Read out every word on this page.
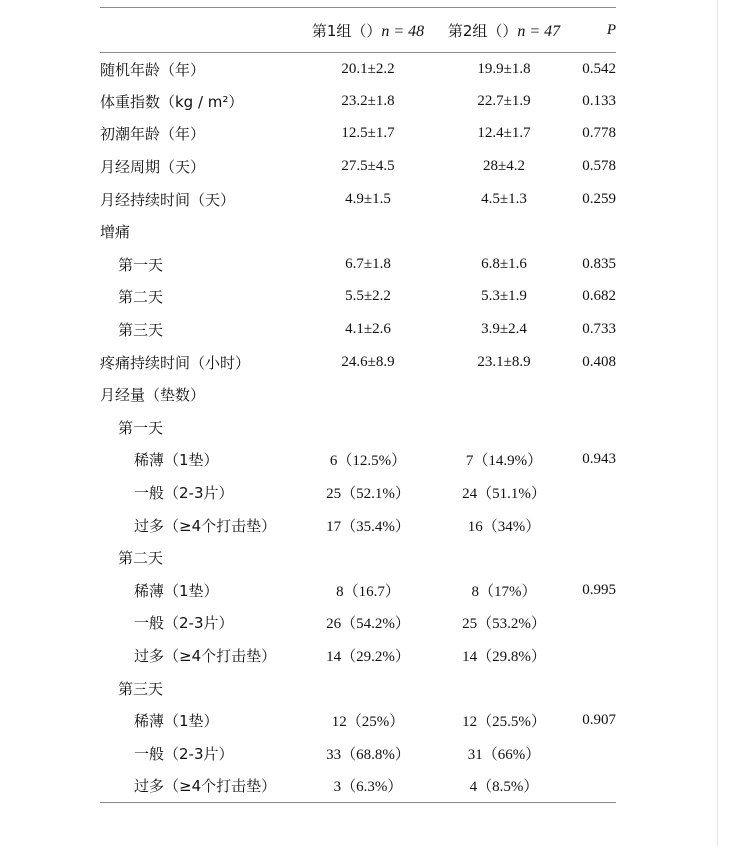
	第1组（）n = 48	第2组（）n = 47	P
随机年龄（年）	20.1±2.2	19.9±1.8	0.542
体重指数（kg / m²）	23.2±1.8	22.7±1.9	0.133
初潮年龄（年）	12.5±1.7	12.4±1.7	0.778
月经周期（天）	27.5±4.5	28±4.2	0.578
月经持续时间（天）	4.9±1.5	4.5±1.3	0.259
增痛			
第一天	6.7±1.8	6.8±1.6	0.835
第二天	5.5±2.2	5.3±1.9	0.682
第三天	4.1±2.6	3.9±2.4	0.733
疼痛持续时间（小时）	24.6±8.9	23.1±8.9	0.408
月经量（垫数）			
第一天			
稀薄（1垫）	6（12.5%）	7（14.9%）	0.943
一般（2-3片）	25（52.1%）	24（51.1%）	
过多（≥4个打击垫）	17（35.4%）	16（34%）	
第二天			
稀薄（1垫）	8（16.7）	8（17%）	0.995
一般（2-3片）	26（54.2%）	25（53.2%）	
过多（≥4个打击垫）	14（29.2%）	14（29.8%）	
第三天			
稀薄（1垫）	12（25%）	12（25.5%）	0.907
一般（2-3片）	33（68.8%）	31（66%）	
过多（≥4个打击垫）	3（6.3%）	4（8.5%）	
